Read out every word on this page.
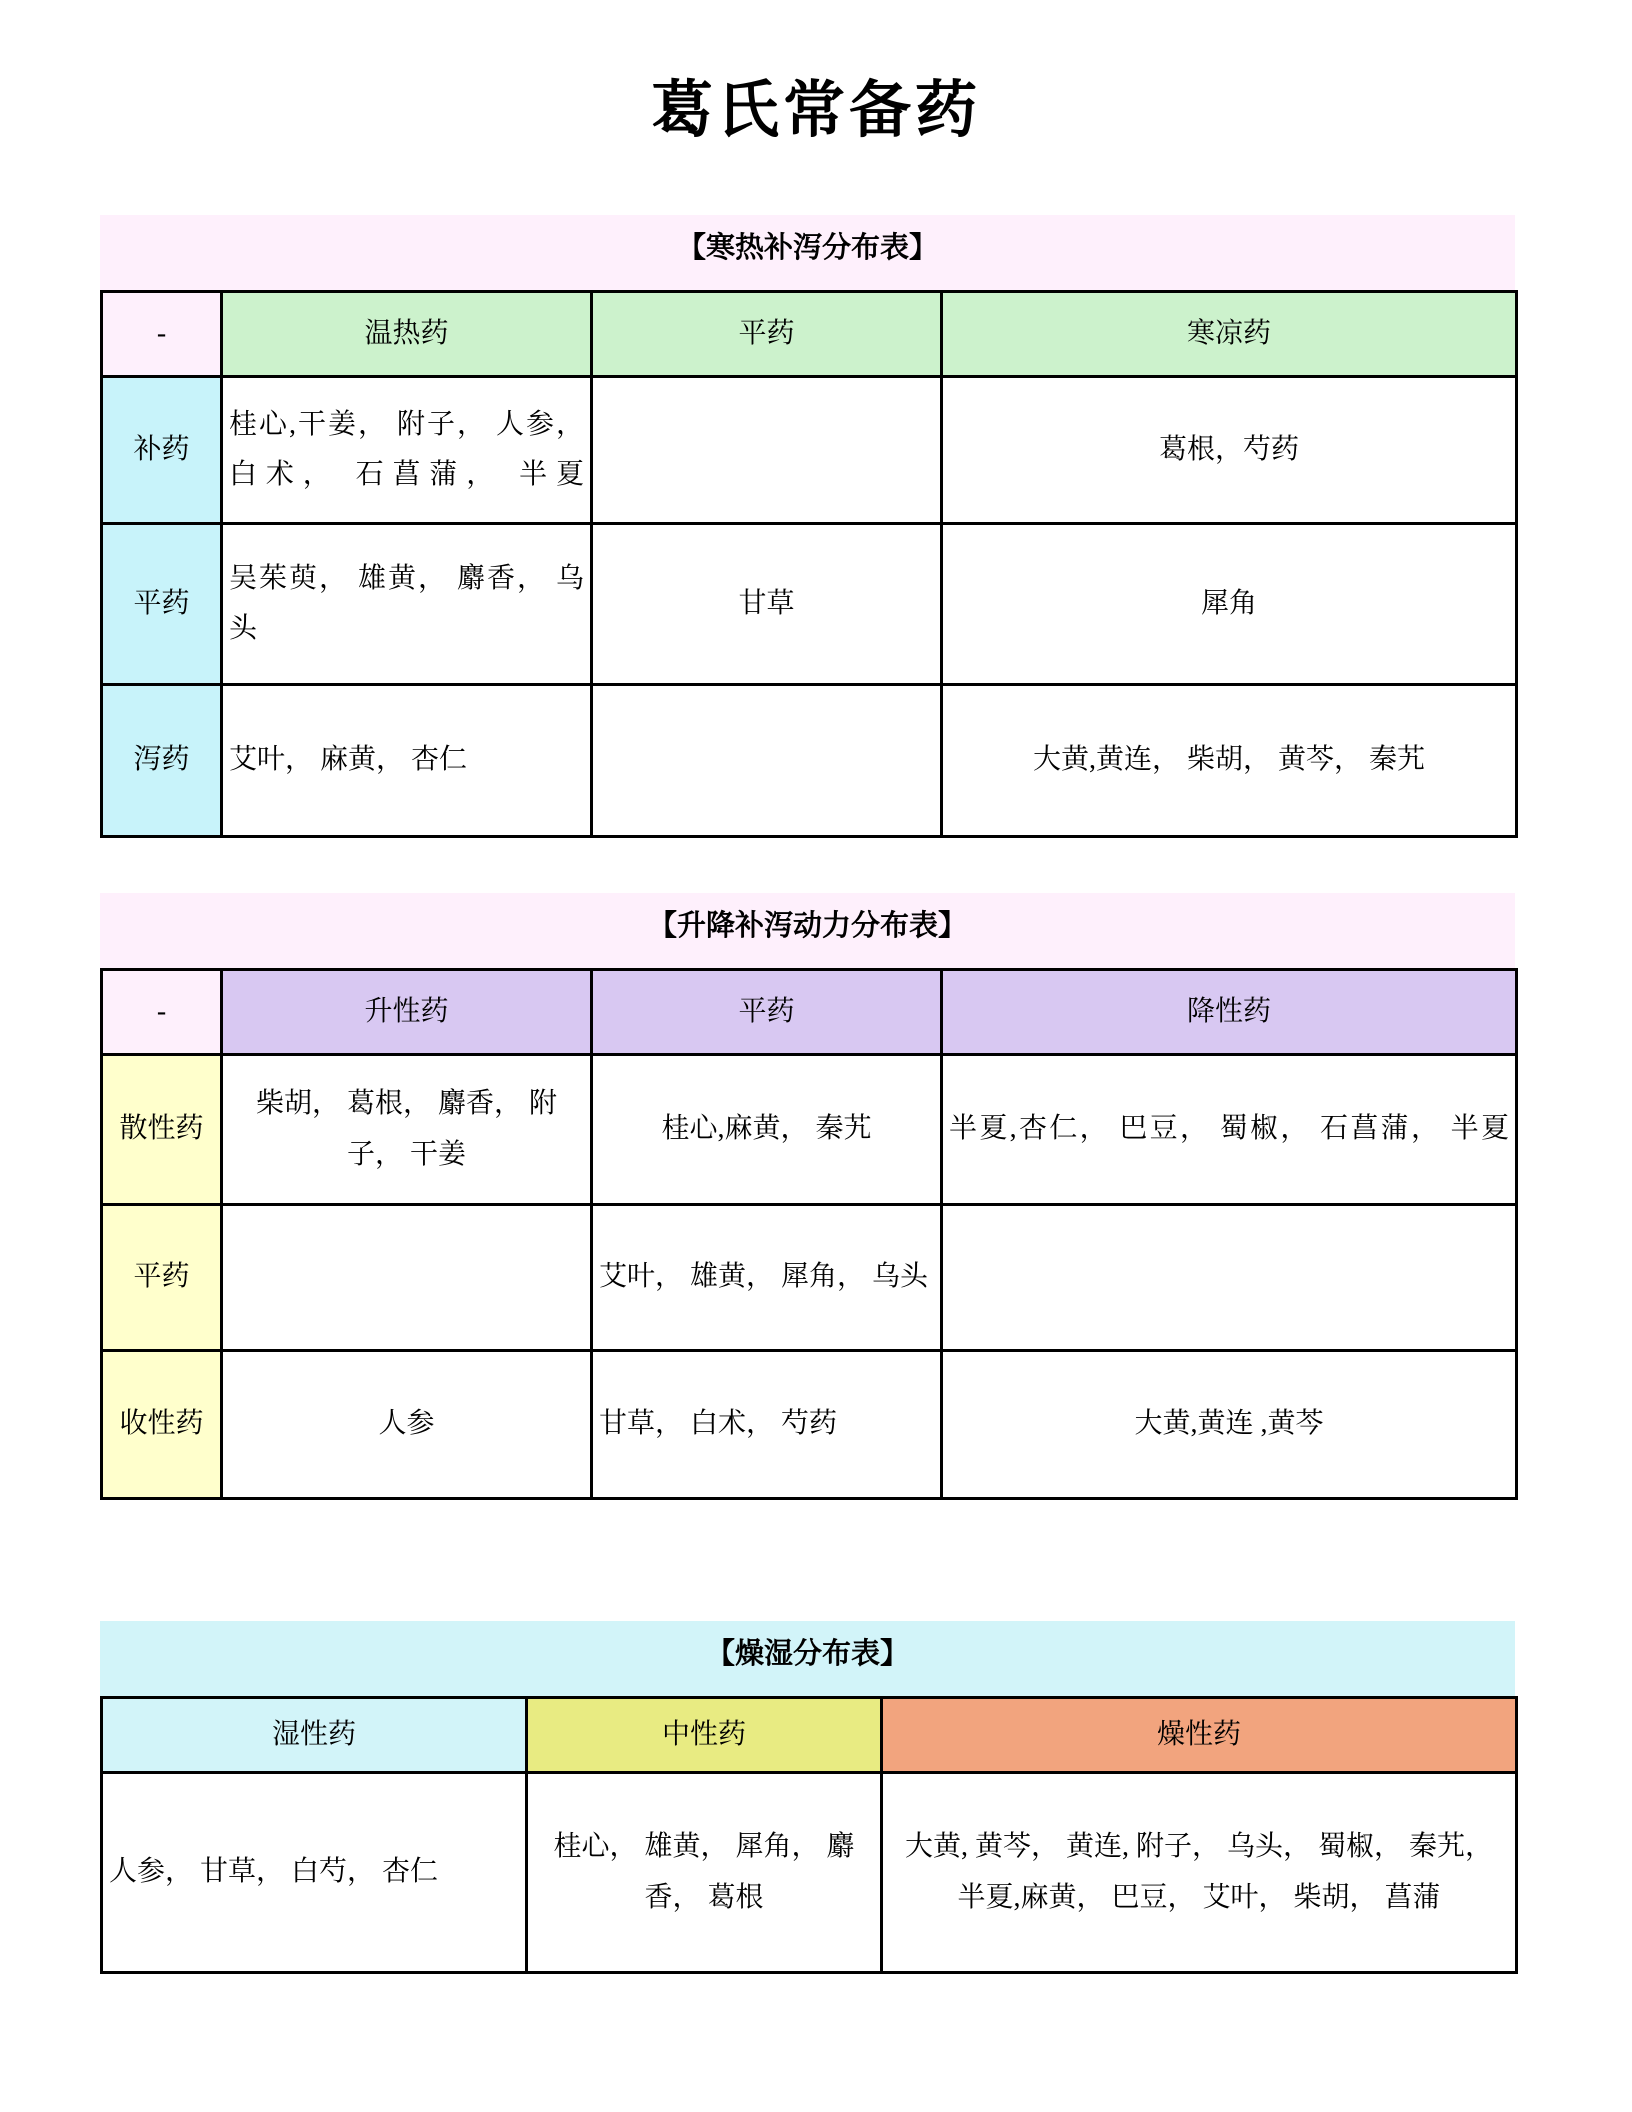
葛氏常备药
【寒热补泻分布表】
-	温热药	平药	寒凉药
补药	桂心,干姜， 附子， 人参， 白术， 石菖蒲， 半夏		葛根，芍药
平药	吴茱萸， 雄黄， 麝香， 乌头	甘草	犀角
泻药	艾叶， 麻黄， 杏仁		大黄,黄连， 柴胡， 黄芩， 秦艽
【升降补泻动力分布表】
-	升性药	平药	降性药
散性药	柴胡， 葛根， 麝香， 附子， 干姜	桂心,麻黄， 秦艽	半夏,杏仁， 巴豆， 蜀椒， 石菖蒲， 半夏
平药		艾叶， 雄黄， 犀角， 乌头	
收性药	人参	甘草， 白术， 芍药	大黄,黄连 ,黄芩
【燥湿分布表】
湿性药	中性药	燥性药
人参， 甘草， 白芍， 杏仁	桂心， 雄黄， 犀角， 麝香， 葛根	大黄, 黄芩， 黄连, 附子， 乌头， 蜀椒， 秦艽， 半夏,麻黄， 巴豆， 艾叶， 柴胡， 菖蒲
